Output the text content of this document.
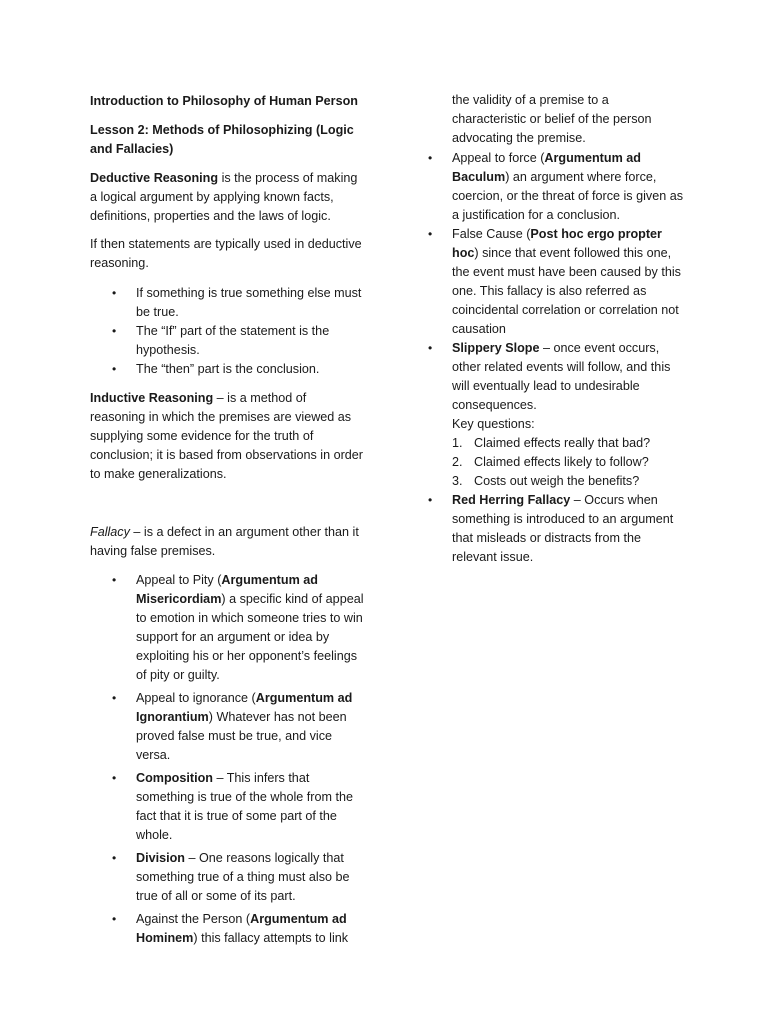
Introduction to Philosophy of Human Person

Lesson 2: Methods of Philosophizing (Logic and Fallacies)

Deductive Reasoning is the process of making a logical argument by applying known facts, definitions, properties and the laws of logic.

If then statements are typically used in deductive reasoning.

• If something is true something else must be true.
• The “If” part of the statement is the hypothesis.
• The “then” part is the conclusion.

Inductive Reasoning – is a method of reasoning in which the premises are viewed as supplying some evidence for the truth of conclusion; it is based from observations in order to make generalizations.

Fallacy – is a defect in an argument other than it having false premises.

• Appeal to Pity (Argumentum ad Misericordiam) a specific kind of appeal to emotion in which someone tries to win support for an argument or idea by exploiting his or her opponent’s feelings of pity or guilty.
• Appeal to ignorance (Argumentum ad Ignorantium) Whatever has not been proved false must be true, and vice versa.
• Composition – This infers that something is true of the whole from the fact that it is true of some part of the whole.
• Division – One reasons logically that something true of a thing must also be true of all or some of its part.
• Against the Person (Argumentum ad Hominem) this fallacy attempts to link

the validity of a premise to a characteristic or belief of the person advocating the premise.

• Appeal to force (Argumentum ad Baculum) an argument where force, coercion, or the threat of force is given as a justification for a conclusion.
• False Cause (Post hoc ergo propter hoc) since that event followed this one, the event must have been caused by this one. This fallacy is also referred as coincidental correlation or correlation not causation
• Slippery Slope – once event occurs, other related events will follow, and this will eventually lead to undesirable consequences.
Key questions:
1. Claimed effects really that bad?
2. Claimed effects likely to follow?
3. Costs out weigh the benefits?
• Red Herring Fallacy – Occurs when something is introduced to an argument that misleads or distracts from the relevant issue.
